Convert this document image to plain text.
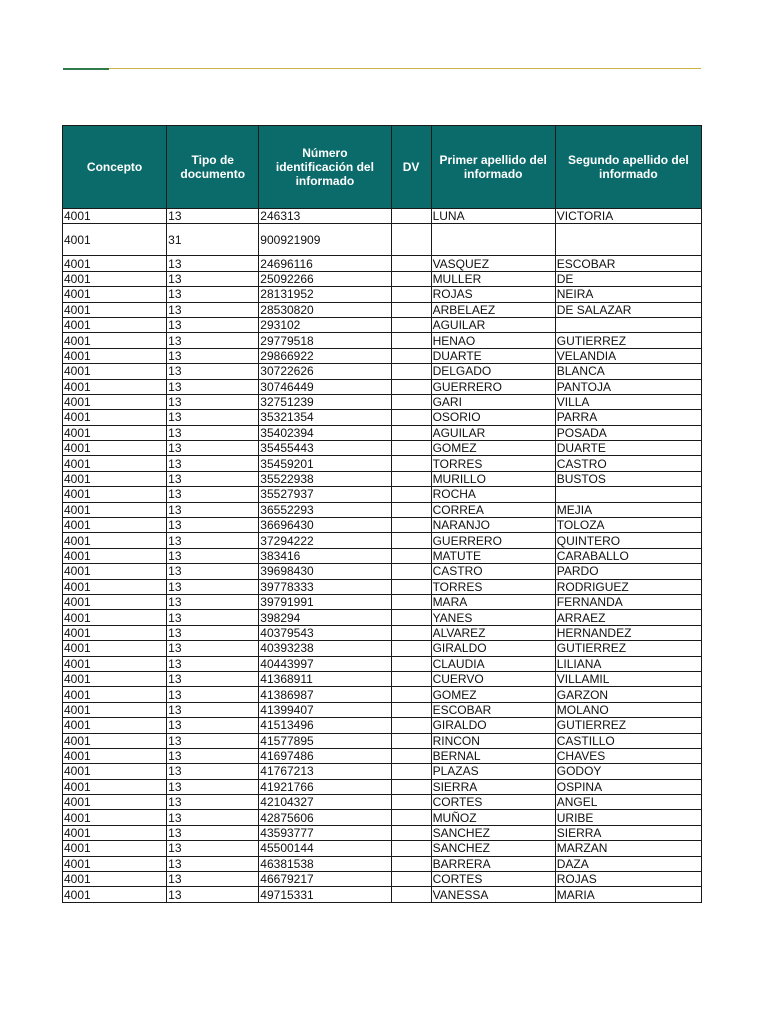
Concepto	Tipo de documento	Número identificación del informado	DV	Primer apellido del informado	Segundo apellido del informado
4001	13	246313		LUNA	VICTORIA
4001	31	900921909			
4001	13	24696116		VASQUEZ	ESCOBAR
4001	13	25092266		MULLER	DE
4001	13	28131952		ROJAS	NEIRA
4001	13	28530820		ARBELAEZ	DE SALAZAR
4001	13	293102		AGUILAR	
4001	13	29779518		HENAO	GUTIERREZ
4001	13	29866922		DUARTE	VELANDIA
4001	13	30722626		DELGADO	BLANCA
4001	13	30746449		GUERRERO	PANTOJA
4001	13	32751239		GARI	VILLA
4001	13	35321354		OSORIO	PARRA
4001	13	35402394		AGUILAR	POSADA
4001	13	35455443		GOMEZ	DUARTE
4001	13	35459201		TORRES	CASTRO
4001	13	35522938		MURILLO	BUSTOS
4001	13	35527937		ROCHA	
4001	13	36552293		CORREA	MEJIA
4001	13	36696430		NARANJO	TOLOZA
4001	13	37294222		GUERRERO	QUINTERO
4001	13	383416		MATUTE	CARABALLO
4001	13	39698430		CASTRO	PARDO
4001	13	39778333		TORRES	RODRIGUEZ
4001	13	39791991		MARA	FERNANDA
4001	13	398294		YANES	ARRAEZ
4001	13	40379543		ALVAREZ	HERNANDEZ
4001	13	40393238		GIRALDO	GUTIERREZ
4001	13	40443997		CLAUDIA	LILIANA
4001	13	41368911		CUERVO	VILLAMIL
4001	13	41386987		GOMEZ	GARZON
4001	13	41399407		ESCOBAR	MOLANO
4001	13	41513496		GIRALDO	GUTIERREZ
4001	13	41577895		RINCON	CASTILLO
4001	13	41697486		BERNAL	CHAVES
4001	13	41767213		PLAZAS	GODOY
4001	13	41921766		SIERRA	OSPINA
4001	13	42104327		CORTES	ANGEL
4001	13	42875606		MUÑOZ	URIBE
4001	13	43593777		SANCHEZ	SIERRA
4001	13	45500144		SANCHEZ	MARZAN
4001	13	46381538		BARRERA	DAZA
4001	13	46679217		CORTES	ROJAS
4001	13	49715331		VANESSA	MARIA
